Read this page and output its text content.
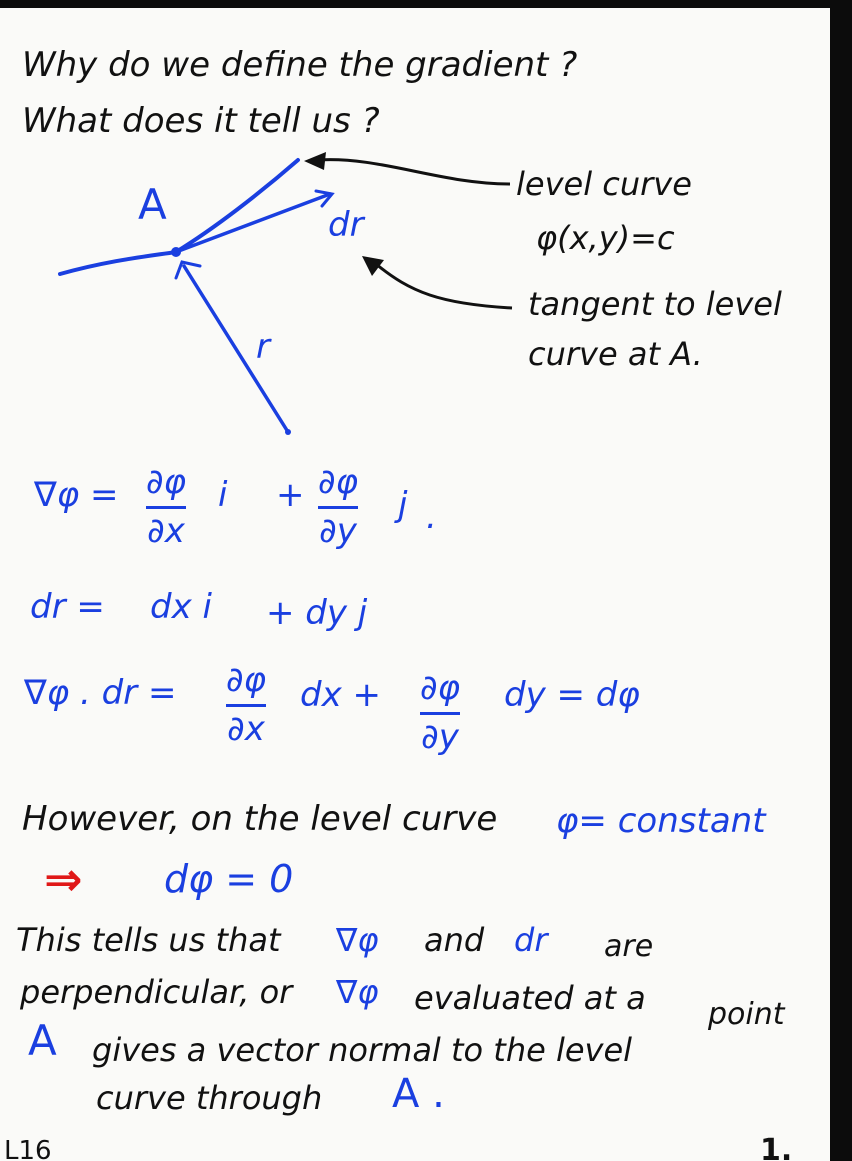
Why do we define the gradient ?
What does it tell us ?
A	dr
r
level curve
φ(x,y)=c
tangent to level
curve at A.
∇φ = ∂φ
∂x
i + ∂φ
∂y
j .
dr = dx i + dy j
∇φ . dr = ∂φ
∂x
dx + ∂φ
∂y
dy = dφ
However, on the level curve φ= constant
⇒ dφ = 0
This tells us that ∇φ and dr are
perpendicular, or ∇φ evaluated at a point
A gives a vector normal to the level
curve through A .
L16	1.
